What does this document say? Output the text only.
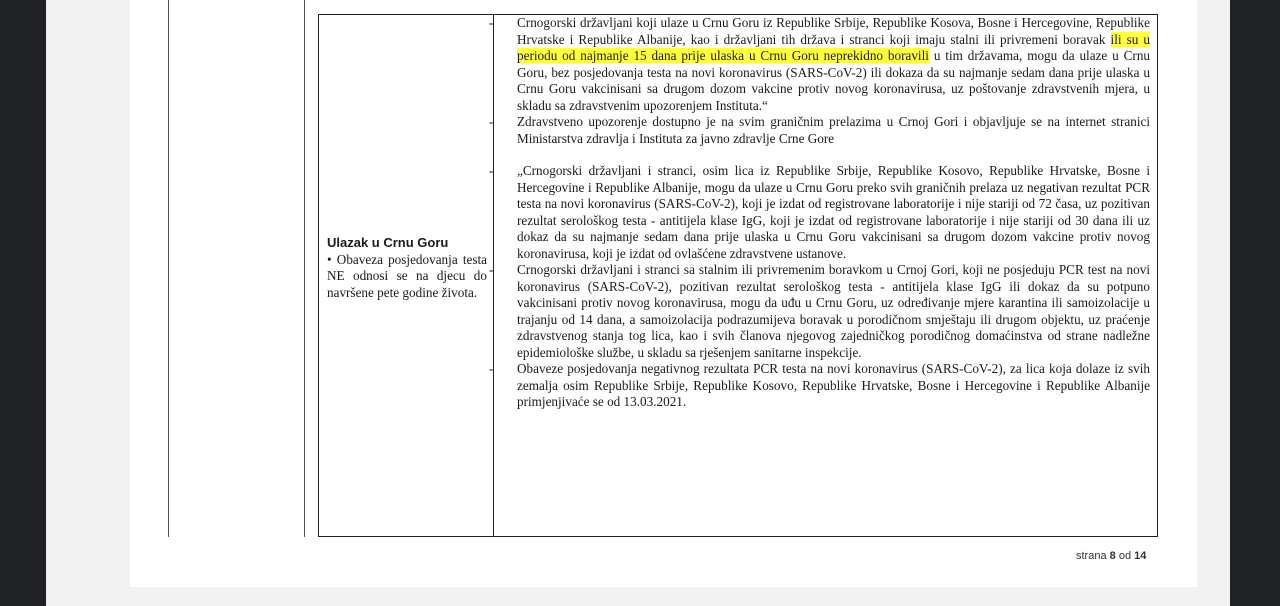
Ulazak u Crnu Goru
• Obaveza posjedovanja testa NE odnosi se na djecu do navršene pete godine života.
- Crnogorski državljani koji ulaze u Crnu Goru iz Republike Srbije, Republike Kosova, Bosne i Hercegovine, Republike Hrvatske i Republike Albanije, kao i državljani tih država i stranci koji imaju stalni ili privremeni boravak ili su u periodu od najmanje 15 dana prije ulaska u Crnu Goru neprekidno boravili u tim državama, mogu da ulaze u Crnu Goru, bez posjedovanja testa na novi koronavirus (SARS-CoV-2) ili dokaza da su najmanje sedam dana prije ulaska u Crnu Goru vakcinisani sa drugom dozom vakcine protiv novog koronavirusa, uz poštovanje zdravstvenih mjera, u skladu sa zdravstvenim upozorenjem Instituta.“
- Zdravstveno upozorenje dostupno je na svim graničnim prelazima u Crnoj Gori i objavljuje se na internet stranici Ministarstva zdravlja i Instituta za javno zdravlje Crne Gore
- „Crnogorski državljani i stranci, osim lica iz Republike Srbije, Republike Kosovo, Republike Hrvatske, Bosne i Hercegovine i Republike Albanije, mogu da ulaze u Crnu Goru preko svih graničnih prelaza uz negativan rezultat PCR testa na novi koronavirus (SARS-CoV-2), koji je izdat od registrovane laboratorije i nije stariji od 72 časa, uz pozitivan rezultat serološkog testa - antitijela klase IgG, koji je izdat od registrovane laboratorije i nije stariji od 30 dana ili uz dokaz da su najmanje sedam dana prije ulaska u Crnu Goru vakcinisani sa drugom dozom vakcine protiv novog koronavirusa, koji je izdat od ovlašćene zdravstvene ustanove.
- Crnogorski državljani i stranci sa stalnim ili privremenim boravkom u Crnoj Gori, koji ne posjeduju PCR test na novi koronavirus (SARS-CoV-2), pozitivan rezultat serološkog testa - antitijela klase IgG ili dokaz da su potpuno vakcinisani protiv novog koronavirusa, mogu da uđu u Crnu Goru, uz određivanje mjere karantina ili samoizolacije u trajanju od 14 dana, a samoizolacija podrazumijeva boravak u porodičnom smještaju ili drugom objektu, uz praćenje zdravstvenog stanja tog lica, kao i svih članova njegovog zajedničkog porodičnog domaćinstva od strane nadležne epidemiološke službe, u skladu sa rješenjem sanitarne inspekcije.
- Obaveze posjedovanja negativnog rezultata PCR testa na novi koronavirus (SARS-CoV-2), za lica koja dolaze iz svih zemalja osim Republike Srbije, Republike Kosovo, Republike Hrvatske, Bosne i Hercegovine i Republike Albanije primjenjivaće se od 13.03.2021.
strana 8 od 14
